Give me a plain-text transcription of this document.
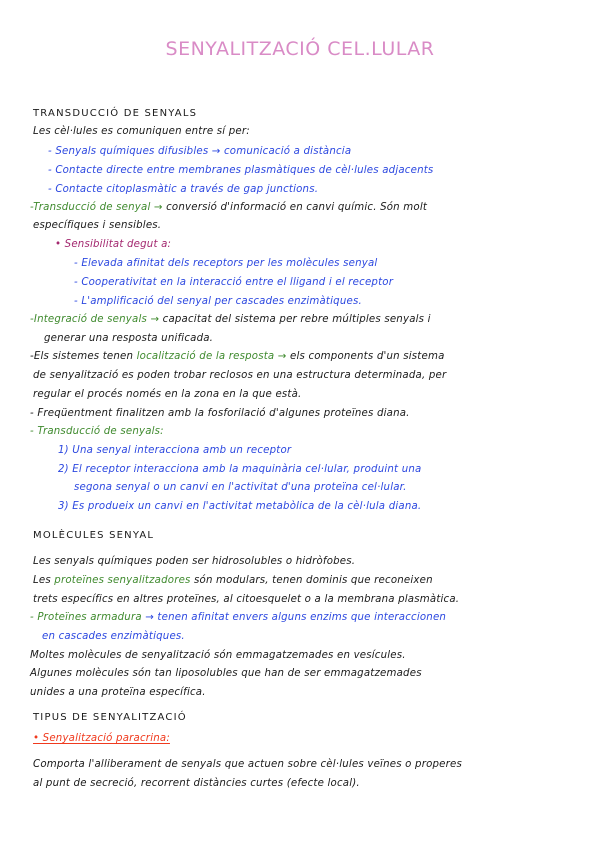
SENYALITZACIÓ CEL.LULAR
TRANSDUCCIÓ DE SENYALS
Les cèl·lules es comuniquen entre sí per:
- Senyals químiques difusibles → comunicació a distància
- Contacte directe entre membranes plasmàtiques de cèl·lules adjacents
- Contacte citoplasmàtic a través de gap junctions.
-Transducció de senyal → conversió d'informació en canvi químic. Són molt
específiques i sensibles.
• Sensibilitat degut a:
- Elevada afinitat dels receptors per les molècules senyal
- Cooperativitat en la interacció entre el lligand i el receptor
- L'amplificació del senyal per cascades enzimàtiques.
-Integració de senyals → capacitat del sistema per rebre múltiples senyals i
generar una resposta unificada.
-Els sistemes tenen localització de la resposta → els components d'un sistema
de senyalització es poden trobar reclosos en una estructura determinada, per
regular el procés només en la zona en la que està.
- Freqüentment finalitzen amb la fosforilació d'algunes proteïnes diana.
- Transducció de senyals:
1) Una senyal interacciona amb un receptor
2) El receptor interacciona amb la maquinària cel·lular, produint una
segona senyal o un canvi en l'activitat d'una proteïna cel·lular.
3) Es produeix un canvi en l'activitat metabòlica de la cèl·lula diana.
MOLÈCULES SENYAL
Les senyals químiques poden ser hidrosolubles o hidròfobes.
Les proteïnes senyalitzadores són modulars, tenen dominis que reconeixen
trets específics en altres proteïnes, al citoesquelet o a la membrana plasmàtica.
- Proteïnes armadura → tenen afinitat envers alguns enzims que interaccionen
en cascades enzimàtiques.
Moltes molècules de senyalització són emmagatzemades en vesícules.
Algunes molècules són tan liposolubles que han de ser emmagatzemades
unides a una proteïna específica.
TIPUS DE SENYALITZACIÓ
• Senyalització paracrina:
Comporta l'alliberament de senyals que actuen sobre cèl·lules veïnes o properes
al punt de secreció, recorrent distàncies curtes (efecte local).
